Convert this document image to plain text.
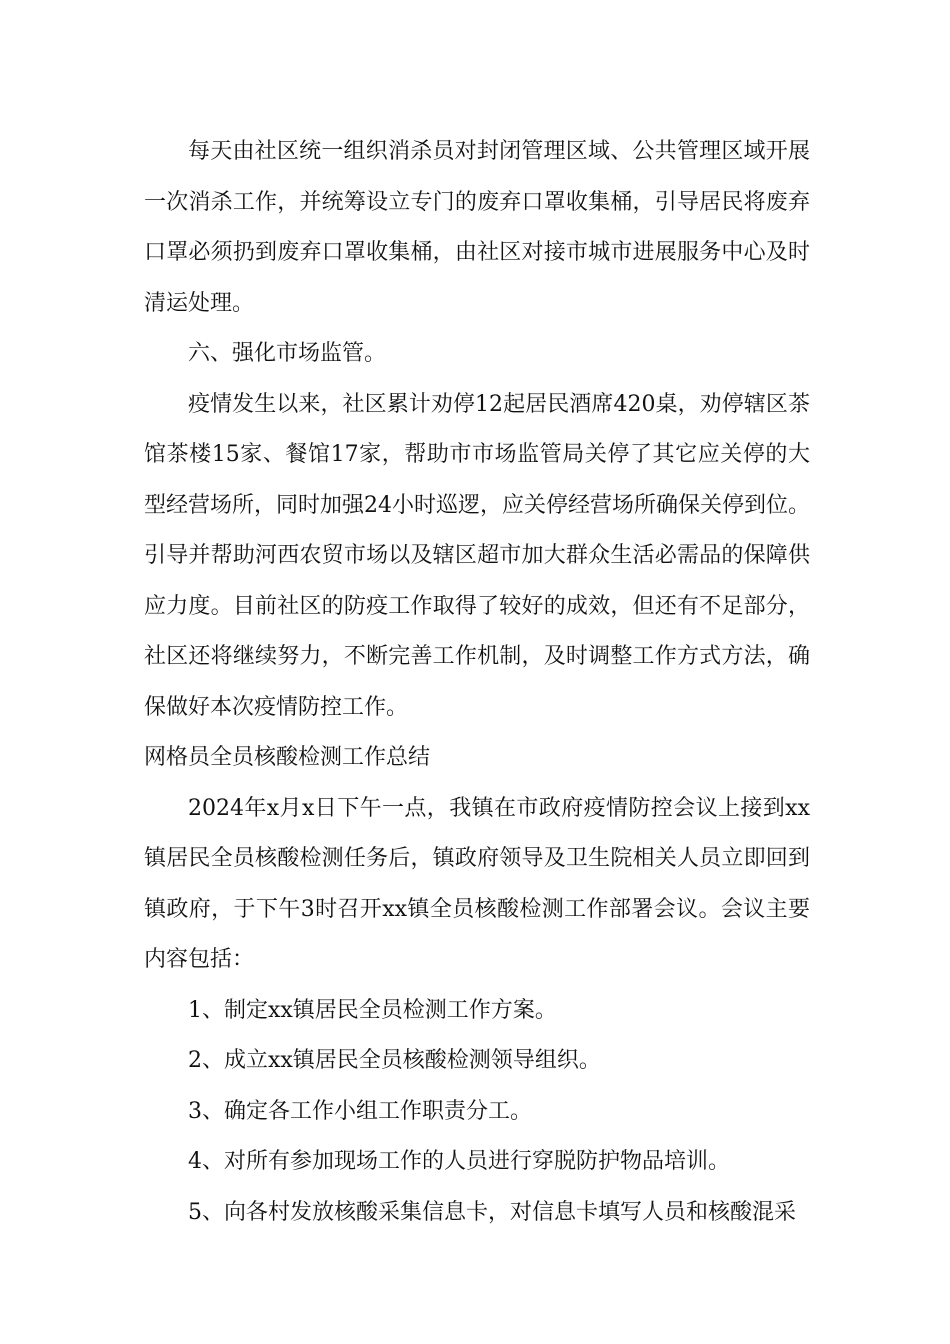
每天由社区统一组织消杀员对封闭管理区域、公共管理区域开展一次消杀工作，并统筹设立专门的废弃口罩收集桶，引导居民将废弃口罩必须扔到废弃口罩收集桶，由社区对接市城市进展服务中心及时清运处理。

六、强化市场监管。

疫情发生以来，社区累计劝停12起居民酒席420桌，劝停辖区茶馆茶楼15家、餐馆17家，帮助市市场监管局关停了其它应关停的大型经营场所，同时加强24小时巡逻，应关停经营场所确保关停到位。引导并帮助河西农贸市场以及辖区超市加大群众生活必需品的保障供应力度。目前社区的防疫工作取得了较好的成效，但还有不足部分，社区还将继续努力，不断完善工作机制，及时调整工作方式方法，确保做好本次疫情防控工作。

网格员全员核酸检测工作总结

2024年x月x日下午一点，我镇在市政府疫情防控会议上接到xx镇居民全员核酸检测任务后，镇政府领导及卫生院相关人员立即回到镇政府，于下午3时召开xx镇全员核酸检测工作部署会议。会议主要内容包括：

1、制定xx镇居民全员检测工作方案。

2、成立xx镇居民全员核酸检测领导组织。

3、确定各工作小组工作职责分工。

4、对所有参加现场工作的人员进行穿脱防护物品培训。

5、向各村发放核酸采集信息卡，对信息卡填写人员和核酸混采
